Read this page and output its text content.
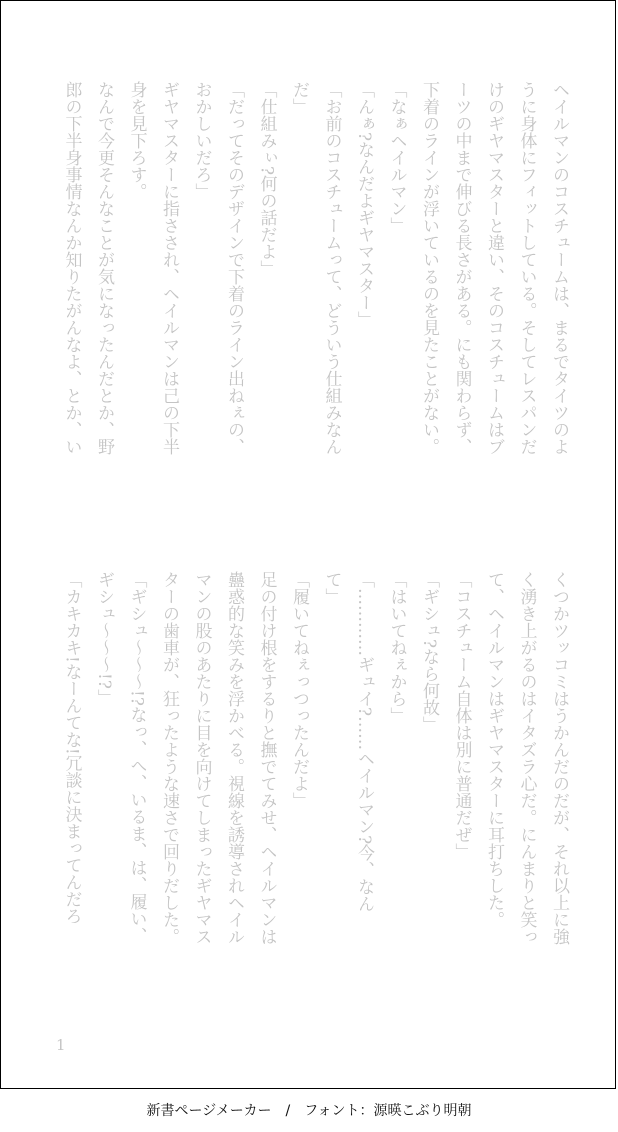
ヘイルマンのコスチュームは、まるでタイツのよ
うに身体にフィットしている。そしてレスパンだ
けのギヤマスターと違い、そのコスチュームはブ
ーツの中まで伸びる長さがある。にも関わらず、
下着のラインが浮いているのを見たことがない。
「なぁヘイルマン」
「んぁ?なんだよギヤマスター」
「お前のコスチュームって、どういう仕組みなん
だ」
「仕組みぃ?何の話だよ」
「だってそのデザインで下着のライン出ねぇの、
おかしいだろ」
ギヤマスターに指さされ、ヘイルマンは己の下半
身を見下ろす。
なんで今更そんなことが気になったんだとか、野
郎の下半身事情なんか知りたがんなよ、とか、い
くつかツッコミはうかんだのだが、それ以上に強
く湧き上がるのはイタズラ心だ。にんまりと笑っ
て、ヘイルマンはギヤマスターに耳打ちした。
「コスチューム自体は別に普通だぜ」
「ギシュ?なら何故」
「はいてねぇから」
「…………ギュイ?……ヘイルマン?今、なん
て」
「履いてねぇっつったんだよ」
足の付け根をするりと撫でてみせ、ヘイルマンは
蠱惑的な笑みを浮かべる。視線を誘導されヘイル
マンの股のあたりに目を向けてしまったギヤマス
ターの歯車が、狂ったような速さで回りだした。
「ギシュ〜〜〜!?なっ、へ、いるま、は、履い、
ギシュ〜〜〜!?」
「カキカキ!なーんてな!冗談に決まってんだろ
1
新書ページメーカー　/　フォント：源暎こぶり明朝
